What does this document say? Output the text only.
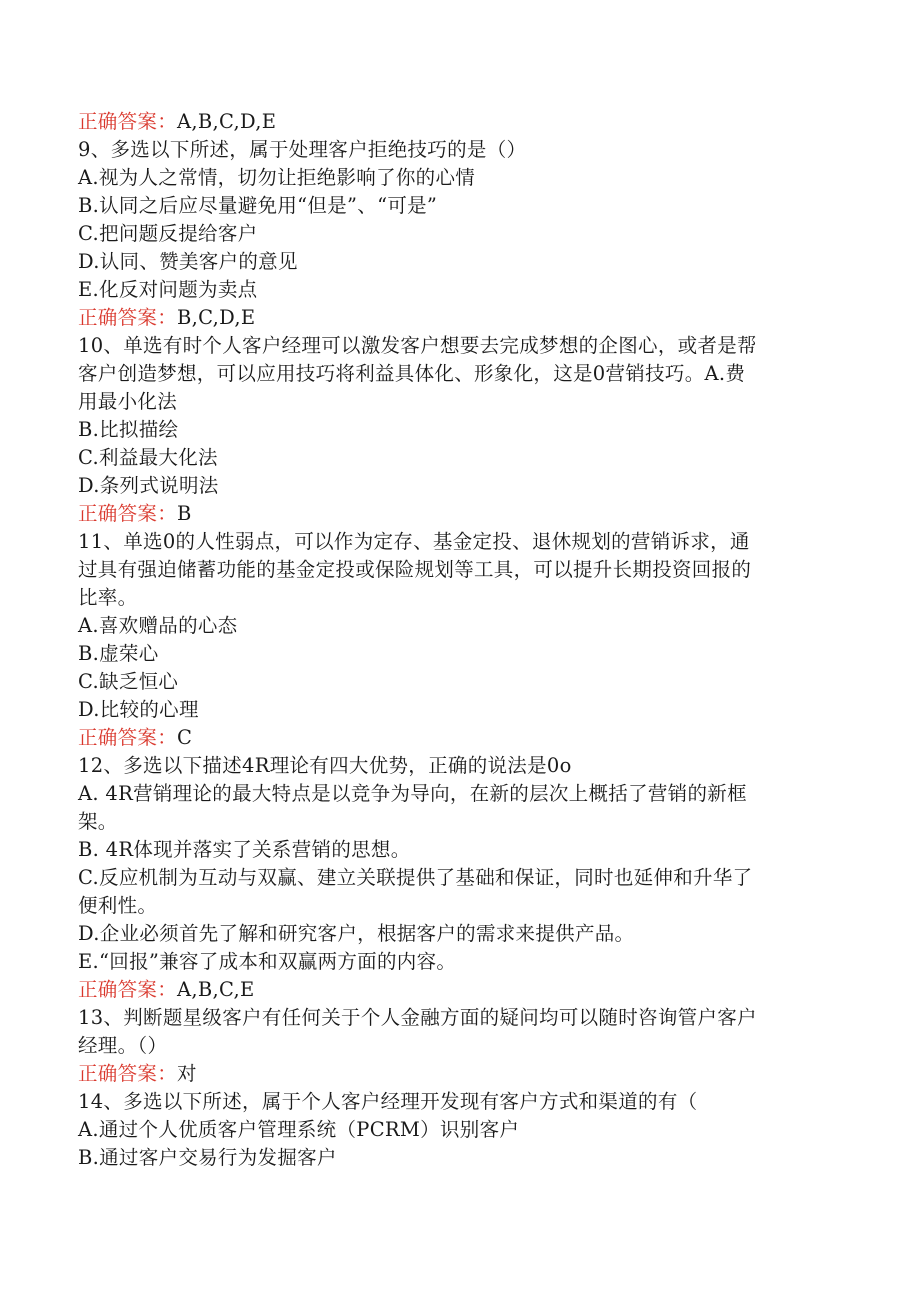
正确答案：A,B,C,D,E
9、多选以下所述，属于处理客户拒绝技巧的是（）
A.视为人之常情，切勿让拒绝影响了你的心情
B.认同之后应尽量避免用“但是”、“可是”
C.把问题反提给客户
D.认同、赞美客户的意见
E.化反对问题为卖点
正确答案：B,C,D,E
10、单选有时个人客户经理可以激发客户想要去完成梦想的企图心，或者是帮
客户创造梦想，可以应用技巧将利益具体化、形象化，这是0营销技巧。A.费
用最小化法
B.比拟描绘
C.利益最大化法
D.条列式说明法
正确答案：B
11、单选0的人性弱点，可以作为定存、基金定投、退休规划的营销诉求，通
过具有强迫储蓄功能的基金定投或保险规划等工具，可以提升长期投资回报的
比率。
A.喜欢赠品的心态
B.虚荣心
C.缺乏恒心
D.比较的心理
正确答案：C
12、多选以下描述4R理论有四大优势，正确的说法是0o
A. 4R营销理论的最大特点是以竞争为导向，在新的层次上概括了营销的新框
架。
B. 4R体现并落实了关系营销的思想。
C.反应机制为互动与双赢、建立关联提供了基础和保证，同时也延伸和升华了
便利性。
D.企业必须首先了解和研究客户，根据客户的需求来提供产品。
E.“回报”兼容了成本和双赢两方面的内容。
正确答案：A,B,C,E
13、判断题星级客户有任何关于个人金融方面的疑问均可以随时咨询管户客户
经理。（）
正确答案：对
14、多选以下所述，属于个人客户经理开发现有客户方式和渠道的有（
A.通过个人优质客户管理系统（PCRM）识别客户
B.通过客户交易行为发掘客户
